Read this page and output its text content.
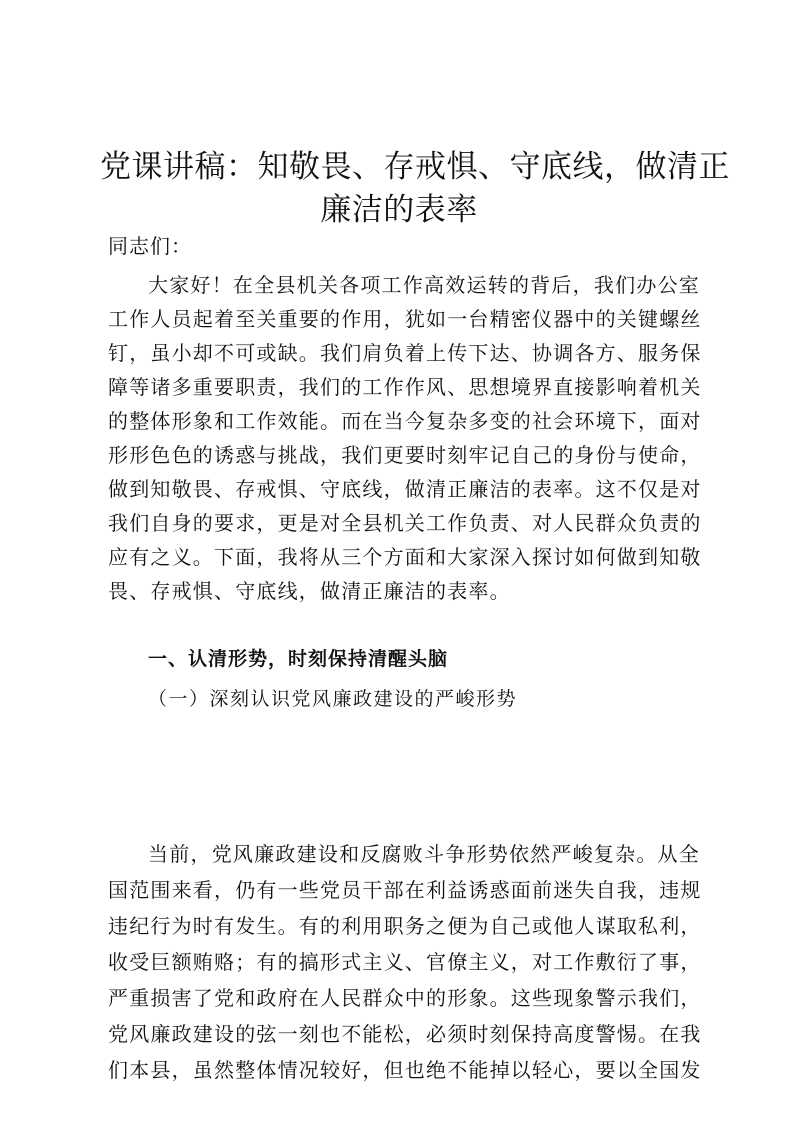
党课讲稿：知敬畏、存戒惧、守底线，做清正
廉洁的表率
同志们：
大家好！在全县机关各项工作高效运转的背后，我们办公室
工作人员起着至关重要的作用，犹如一台精密仪器中的关键螺丝
钉，虽小却不可或缺。我们肩负着上传下达、协调各方、服务保
障等诸多重要职责，我们的工作作风、思想境界直接影响着机关
的整体形象和工作效能。而在当今复杂多变的社会环境下，面对
形形色色的诱惑与挑战，我们更要时刻牢记自己的身份与使命，
做到知敬畏、存戒惧、守底线，做清正廉洁的表率。这不仅是对
我们自身的要求，更是对全县机关工作负责、对人民群众负责的
应有之义。下面，我将从三个方面和大家深入探讨如何做到知敬
畏、存戒惧、守底线，做清正廉洁的表率。
一、认清形势，时刻保持清醒头脑
（一）深刻认识党风廉政建设的严峻形势
当前，党风廉政建设和反腐败斗争形势依然严峻复杂。从全
国范围来看，仍有一些党员干部在利益诱惑面前迷失自我，违规
违纪行为时有发生。有的利用职务之便为自己或他人谋取私利，
收受巨额贿赂；有的搞形式主义、官僚主义，对工作敷衍了事，
严重损害了党和政府在人民群众中的形象。这些现象警示我们，
党风廉政建设的弦一刻也不能松，必须时刻保持高度警惕。在我
们本县，虽然整体情况较好，但也绝不能掉以轻心，要以全国发
